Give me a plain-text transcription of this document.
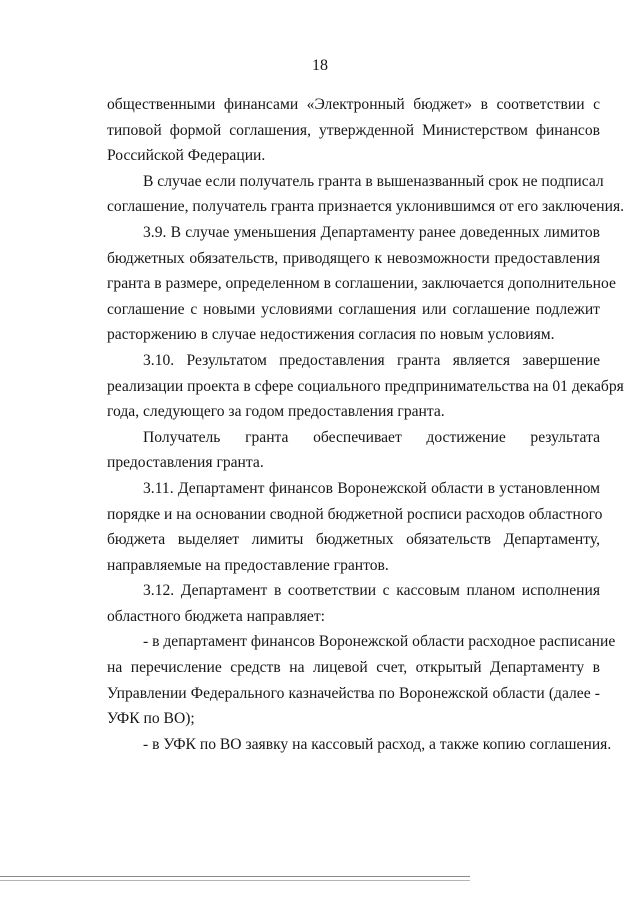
18
общественными финансами «Электронный бюджет» в соответствии с
типовой формой соглашения, утвержденной Министерством финансов
Российской Федерации.
В случае если получатель гранта в вышеназванный срок не подписал
соглашение, получатель гранта признается уклонившимся от его заключения.
3.9. В случае уменьшения Департаменту ранее доведенных лимитов
бюджетных обязательств, приводящего к невозможности предоставления
гранта в размере, определенном в соглашении, заключается дополнительное
соглашение с новыми условиями соглашения или соглашение подлежит
расторжению в случае недостижения согласия по новым условиям.
3.10. Результатом предоставления гранта является завершение
реализации проекта в сфере социального предпринимательства на 01 декабря
года, следующего за годом предоставления гранта.
Получатель гранта обеспечивает достижение результата
предоставления гранта.
3.11. Департамент финансов Воронежской области в установленном
порядке и на основании сводной бюджетной росписи расходов областного
бюджета выделяет лимиты бюджетных обязательств Департаменту,
направляемые на предоставление грантов.
3.12. Департамент в соответствии с кассовым планом исполнения
областного бюджета направляет:
- в департамент финансов Воронежской области расходное расписание
на перечисление средств на лицевой счет, открытый Департаменту в
Управлении Федерального казначейства по Воронежской области (далее -
УФК по ВО);
- в УФК по ВО заявку на кассовый расход, а также копию соглашения.
